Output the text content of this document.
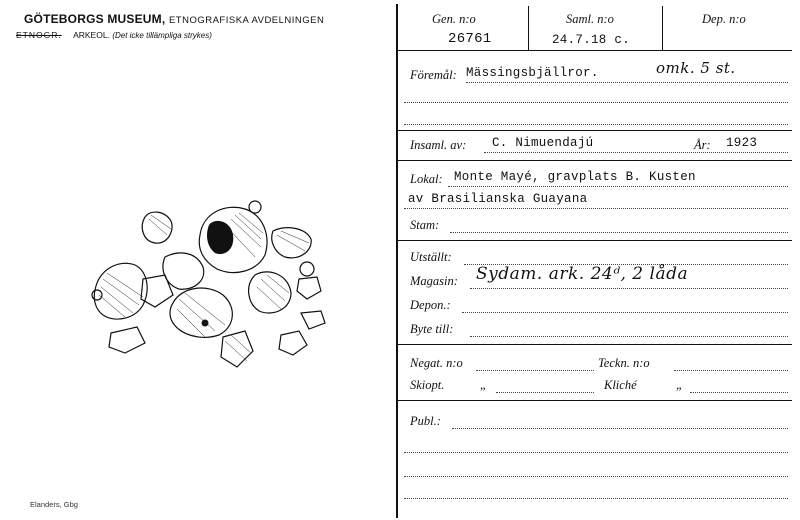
GÖTEBORGS MUSEUM, ETNOGRAFISKA AVDELNINGEN
ETNOGR. ARKEOL. (Det icke tillämpliga strykes)
Elanders, Gbg
Gen. n:o
26761
Saml. n:o
24.7.18 c.
Dep. n:o
Föremål: Mässingsbjällror.	omk. 5 st.
Insaml. av: C. Nimuendajú	År: 1923
Lokal: Monte Mayé, gravplats B. Kusten
av Brasilianska Guayana
Stam:
Utställt:
Magasin: Sydam. ark. 24ᵈ, 2 låda
Depon.:
Byte till:
Negat. n:o	Teckn. n:o
Skiopt.	„	Kliché	„
Publ.:
